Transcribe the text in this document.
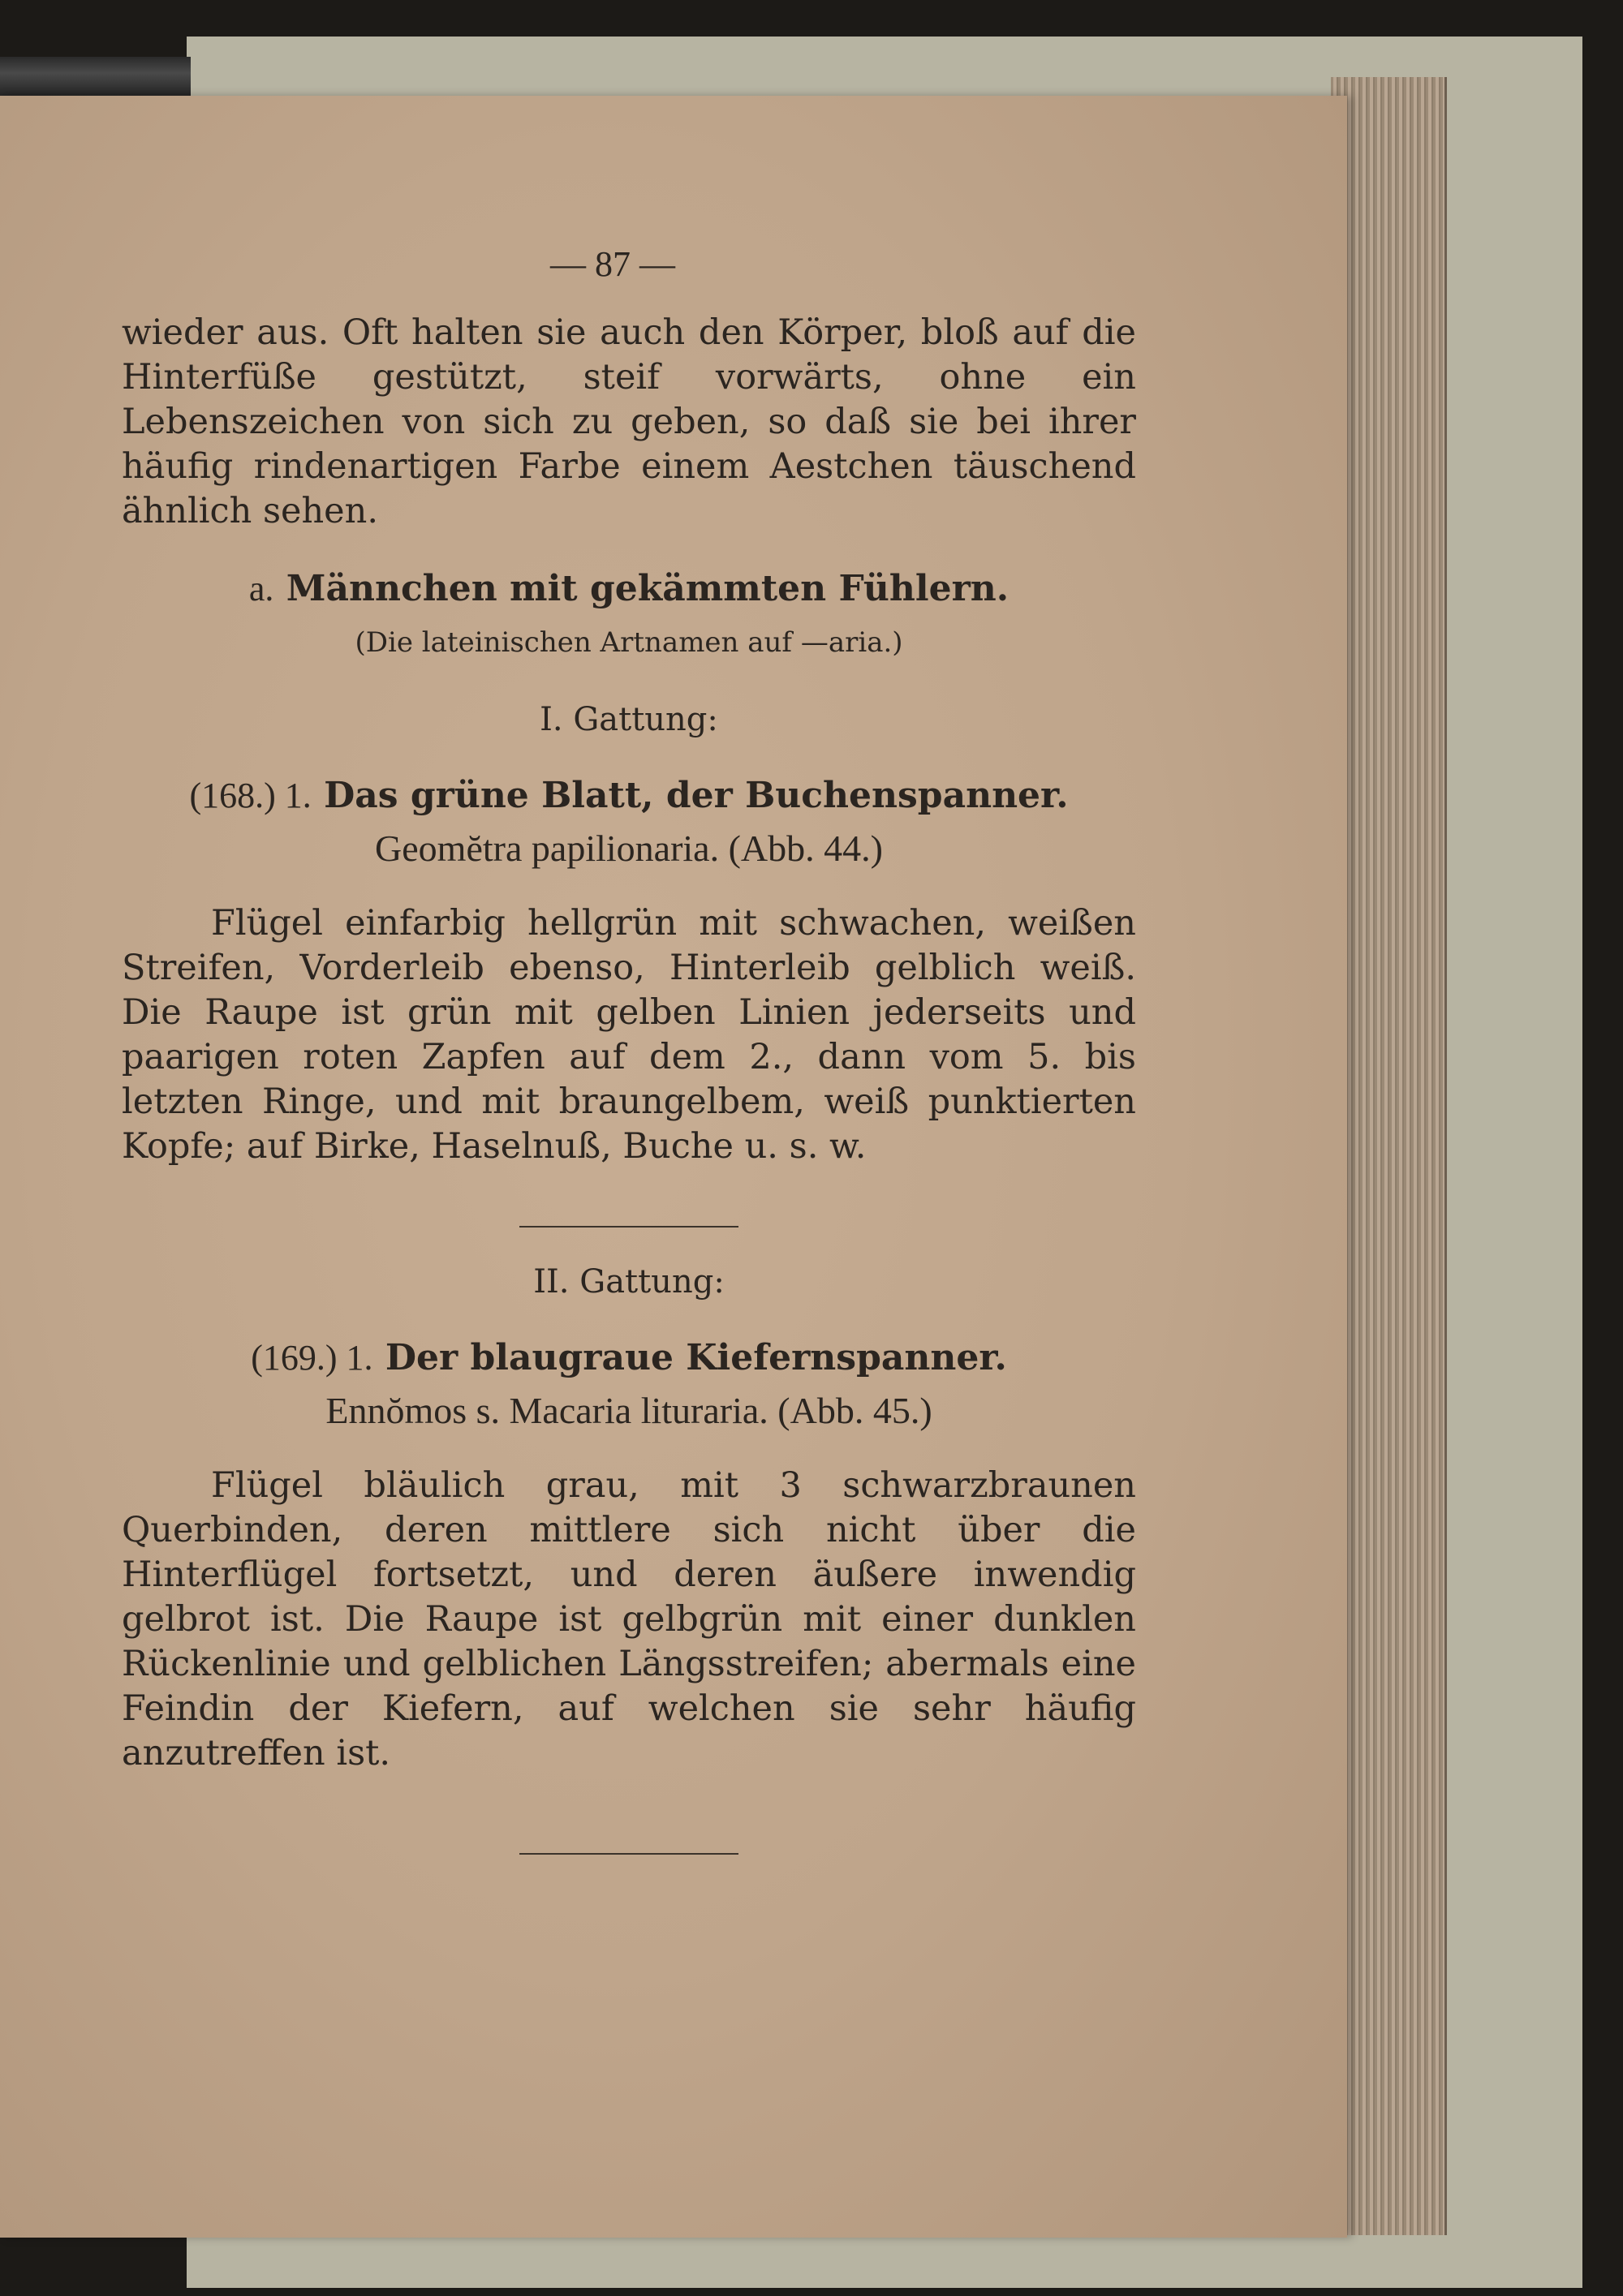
— 87 —

wieder aus. Oft halten sie auch den Körper, bloß auf die Hinterfüße gestützt, steif vorwärts, ohne ein Lebenszeichen von sich zu geben, so daß sie bei ihrer häufig rindenartigen Farbe einem Aestchen täuschend ähnlich sehen.

a. Männchen mit gekämmten Fühlern.
(Die lateinischen Artnamen auf —aria.)
I. Gattung:
(168.) 1. Das grüne Blatt, der Buchenspanner.
Geomĕtra papilionaria. (Abb. 44.)

Flügel einfarbig hellgrün mit schwachen, weißen Streifen, Vorderleib ebenso, Hinterleib gelblich weiß. Die Raupe ist grün mit gelben Linien jederseits und paarigen roten Zapfen auf dem 2., dann vom 5. bis letzten Ringe, und mit braungelbem, weiß punktierten Kopfe; auf Birke, Haselnuß, Buche u. s. w.

II. Gattung:
(169.) 1. Der blaugraue Kiefernspanner.
Ennŏmos s. Macaria lituraria. (Abb. 45.)

Flügel bläulich grau, mit 3 schwarzbraunen Querbinden, deren mittlere sich nicht über die Hinterflügel fortsetzt, und deren äußere inwendig gelbrot ist. Die Raupe ist gelbgrün mit einer dunklen Rückenlinie und gelblichen Längsstreifen; abermals eine Feindin der Kiefern, auf welchen sie sehr häufig anzutreffen ist.
